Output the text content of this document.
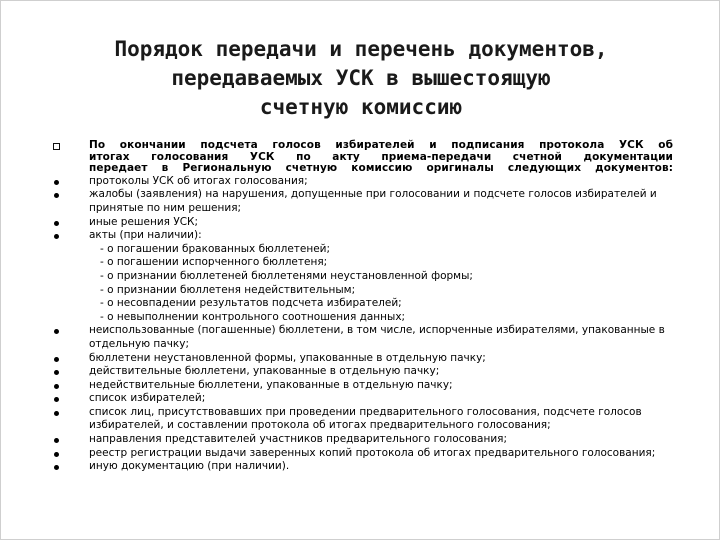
Порядок передачи и перечень документов,
передаваемых УСК в вышестоящую
счетную комиссию
По окончании подсчета голосов избирателей и подписания протокола УСК об
итогах голосования УСК по акту приема-передачи счетной документации
передает в Региональную счетную комиссию оригиналы следующих документов:
протоколы УСК об итогах голосования;
жалобы (заявления) на нарушения, допущенные при голосовании и подсчете голосов избирателей и принятые по ним решения;
иные решения УСК;
акты (при наличии):
- о погашении бракованных бюллетеней;
- о погашении испорченного бюллетеня;
- о признании бюллетеней бюллетенями неустановленной формы;
- о признании бюллетеня недействительным;
- о несовпадении результатов подсчета избирателей;
- о невыполнении контрольного соотношения данных;
неиспользованные (погашенные) бюллетени, в том числе, испорченные избирателями, упакованные в отдельную пачку;
бюллетени неустановленной формы, упакованные в отдельную пачку;
действительные бюллетени, упакованные в отдельную пачку;
недействительные бюллетени, упакованные в отдельную пачку;
список избирателей;
список лиц, присутствовавших при проведении предварительного голосования, подсчете голосов избирателей, и составлении протокола об итогах предварительного голосования;
направления представителей участников предварительного голосования;
реестр регистрации выдачи заверенных копий протокола об итогах предварительного голосования;
иную документацию (при наличии).
